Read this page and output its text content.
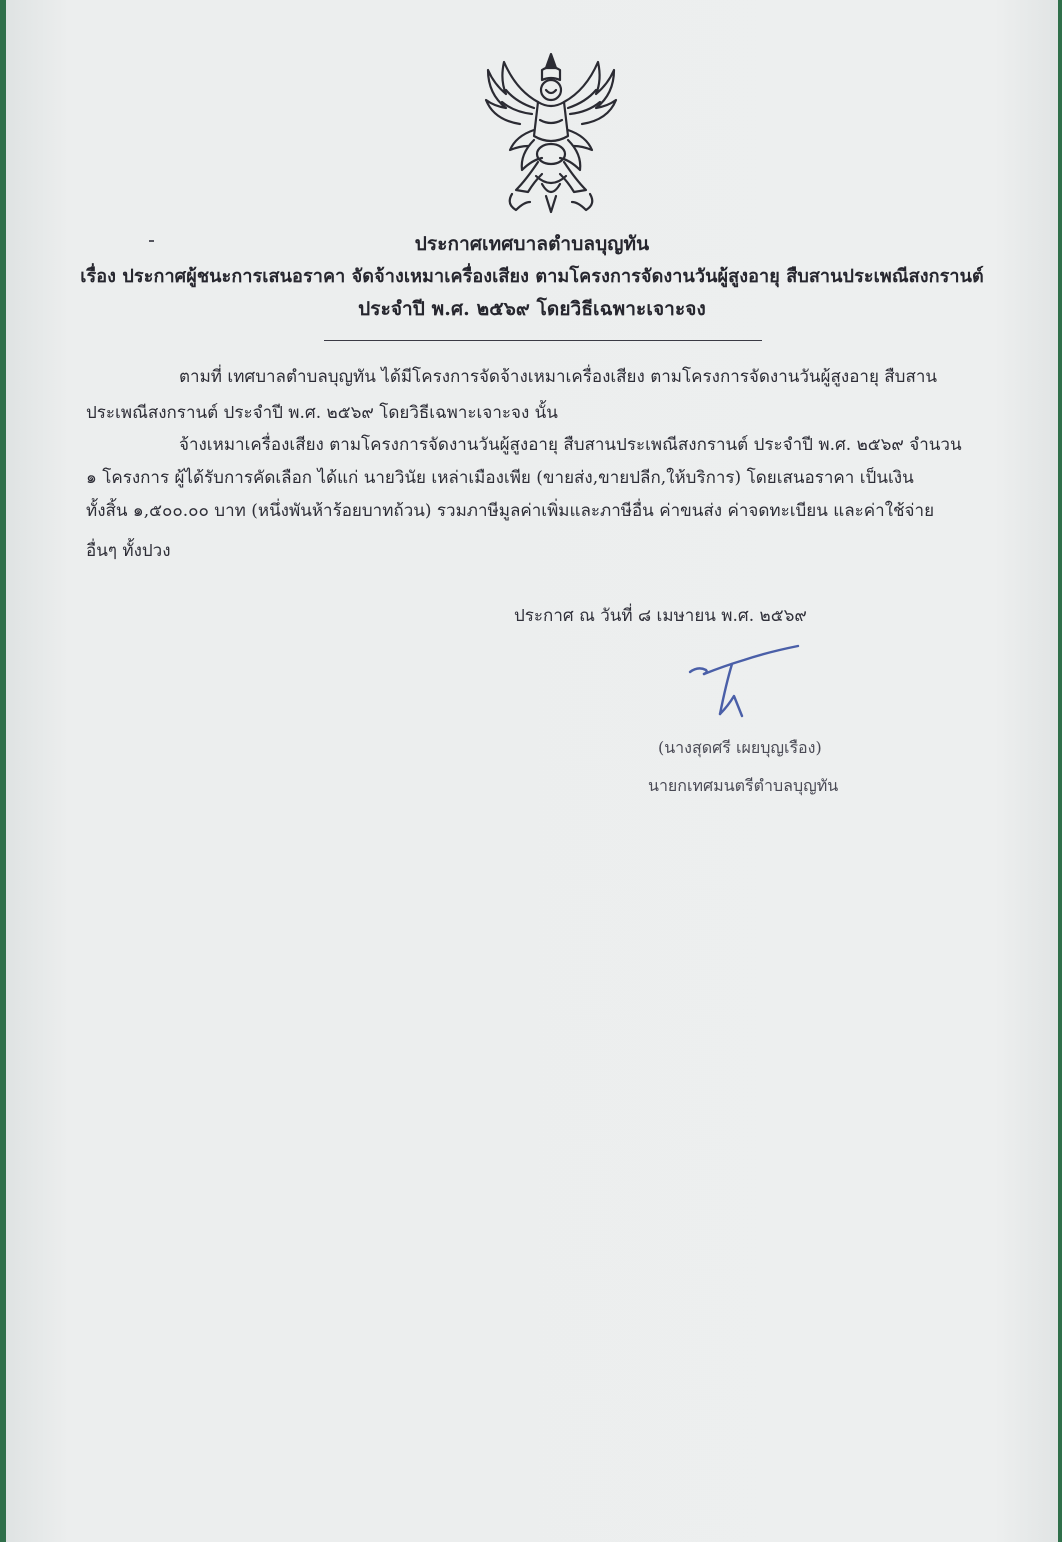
ประกาศเทศบาลตำบลบุญทัน
เรื่อง ประกาศผู้ชนะการเสนอราคา จัดจ้างเหมาเครื่องเสียง ตามโครงการจัดงานวันผู้สูงอายุ สืบสานประเพณีสงกรานต์
ประจำปี พ.ศ. ๒๕๖๙ โดยวิธีเฉพาะเจาะจง
ตามที่ เทศบาลตำบลบุญทัน ได้มีโครงการจัดจ้างเหมาเครื่องเสียง ตามโครงการจัดงานวันผู้สูงอายุ สืบสาน
ประเพณีสงกรานต์ ประจำปี พ.ศ. ๒๕๖๙ โดยวิธีเฉพาะเจาะจง นั้น
จ้างเหมาเครื่องเสียง ตามโครงการจัดงานวันผู้สูงอายุ สืบสานประเพณีสงกรานต์ ประจำปี พ.ศ. ๒๕๖๙ จำนวน
๑ โครงการ ผู้ได้รับการคัดเลือก ได้แก่ นายวินัย เหล่าเมืองเพีย (ขายส่ง,ขายปลีก,ให้บริการ) โดยเสนอราคา เป็นเงิน
ทั้งสิ้น ๑,๕๐๐.๐๐ บาท (หนึ่งพันห้าร้อยบาทถ้วน) รวมภาษีมูลค่าเพิ่มและภาษีอื่น ค่าขนส่ง ค่าจดทะเบียน และค่าใช้จ่าย
อื่นๆ ทั้งปวง
ประกาศ ณ วันที่ ๘ เมษายน พ.ศ. ๒๕๖๙
(นางสุดศรี เผยบุญเรือง)
นายกเทศมนตรีตำบลบุญทัน
